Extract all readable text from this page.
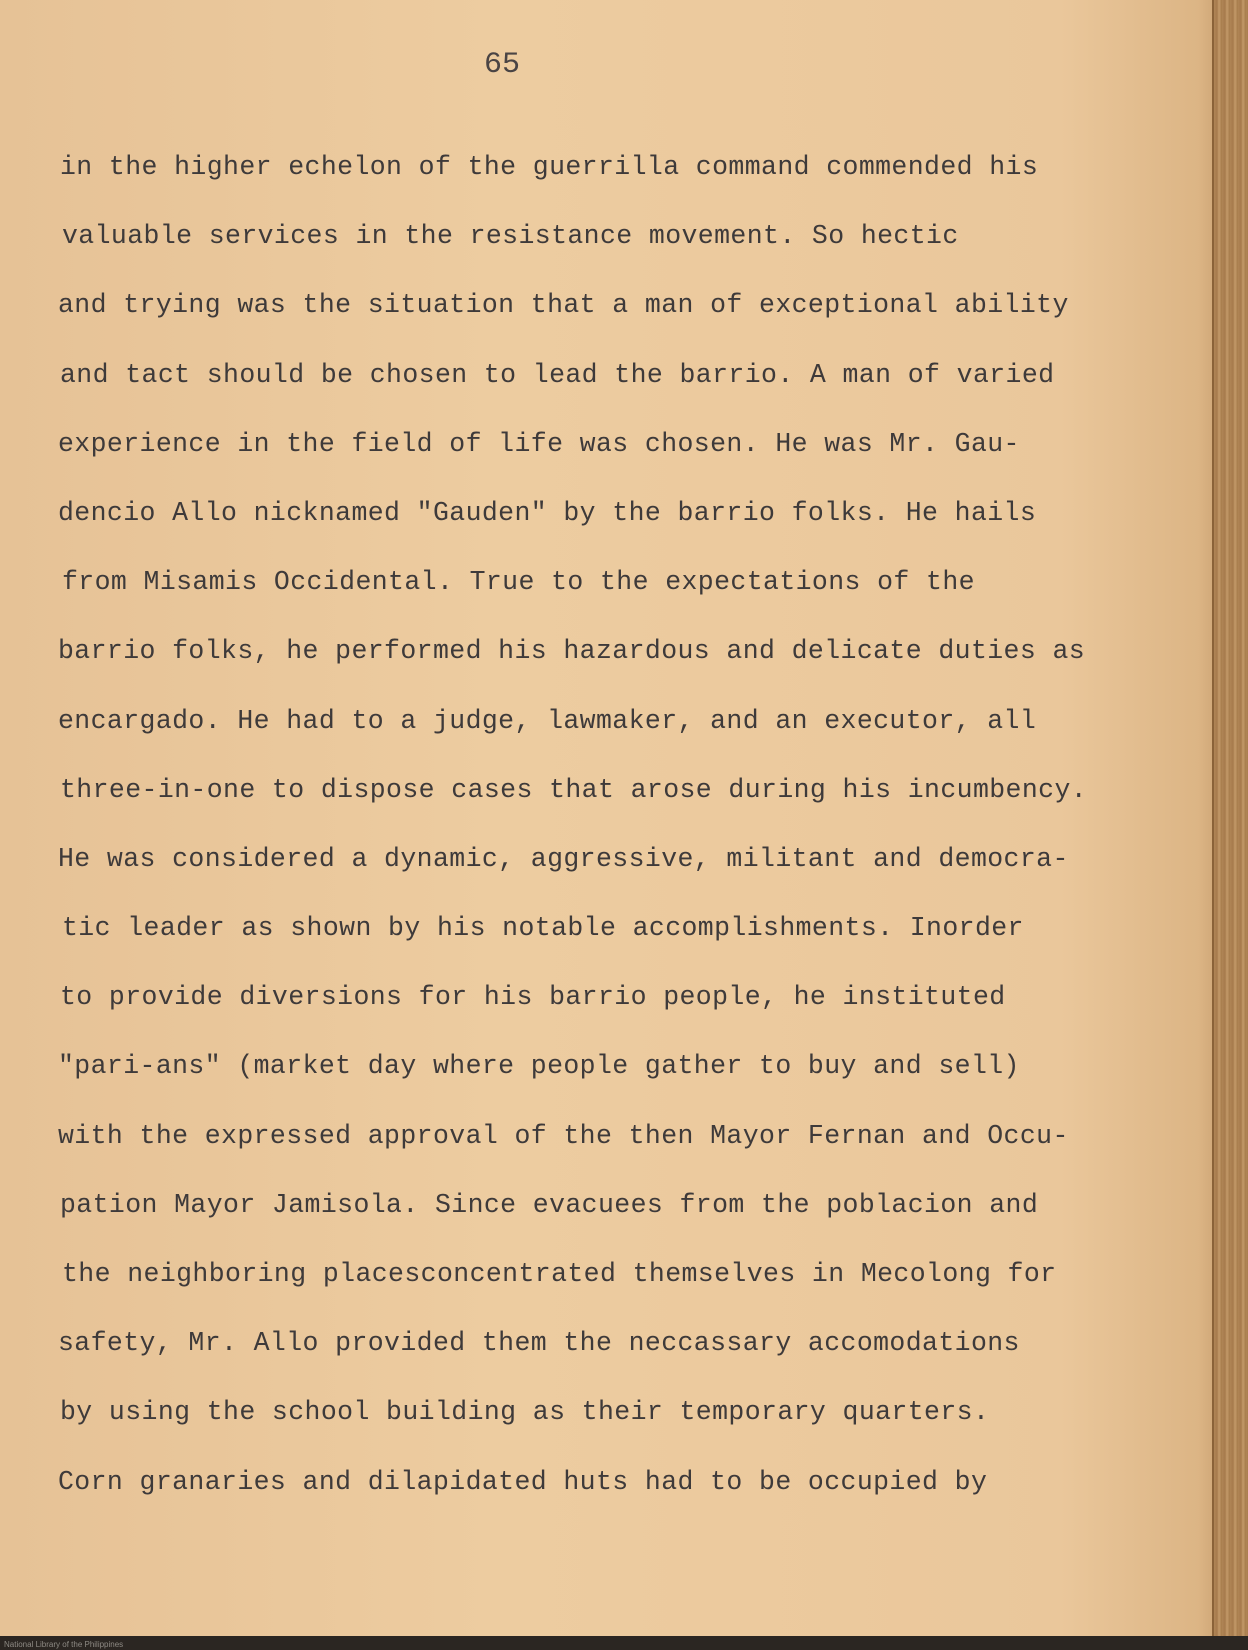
65
in the higher echelon of the guerrilla command commended his
valuable services in the resistance movement. So hectic
and trying was the situation that a man of exceptional ability
and tact should be chosen to lead the barrio. A man of varied
experience in the field of life was chosen. He was Mr. Gau-
dencio Allo nicknamed "Gauden" by the barrio folks. He hails
from Misamis Occidental. True to the expectations of the
barrio folks, he performed his hazardous and delicate duties as
encargado. He had to a judge, lawmaker, and an executor, all
three-in-one to dispose cases that arose during his incumbency.
He was considered a dynamic, aggressive, militant and democra-
tic leader as shown by his notable accomplishments. Inorder
to provide diversions for his barrio people, he instituted
"pari-ans" (market day where people gather to buy and sell)
with the expressed approval of the then Mayor Fernan and Occu-
pation Mayor Jamisola. Since evacuees from the poblacion and
the neighboring placesconcentrated themselves in Mecolong for
safety, Mr. Allo provided them the neccassary accomodations
by using the school building as their temporary quarters.
Corn granaries and dilapidated huts had to be occupied by
National Library of the Philippines
